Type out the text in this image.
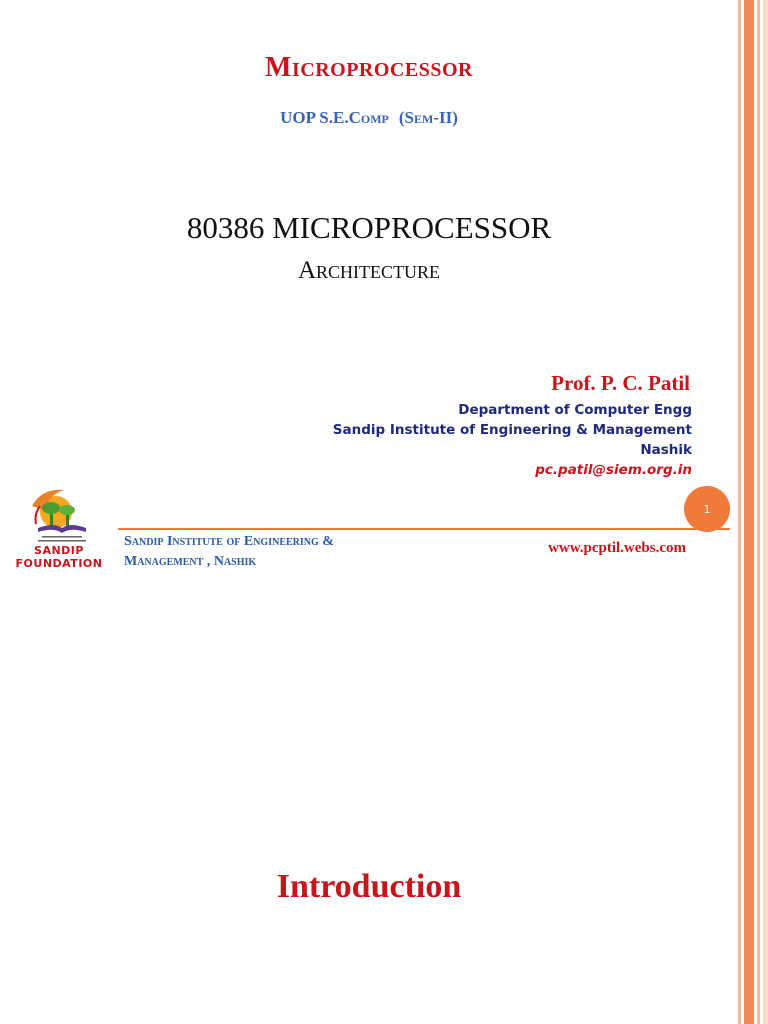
Microprocessor
UOP S.E.Comp (Sem-II)
80386 MICROPROCESSOR
Architecture
Prof. P. C. Patil
Department of Computer Engg
Sandip Institute of Engineering & Management
Nashik
pc.patil@siem.org.in
1
SANDIP
FOUNDATION
Sandip Institute of Engineering &
Management , Nashik
www.pcptil.webs.com
Introduction
